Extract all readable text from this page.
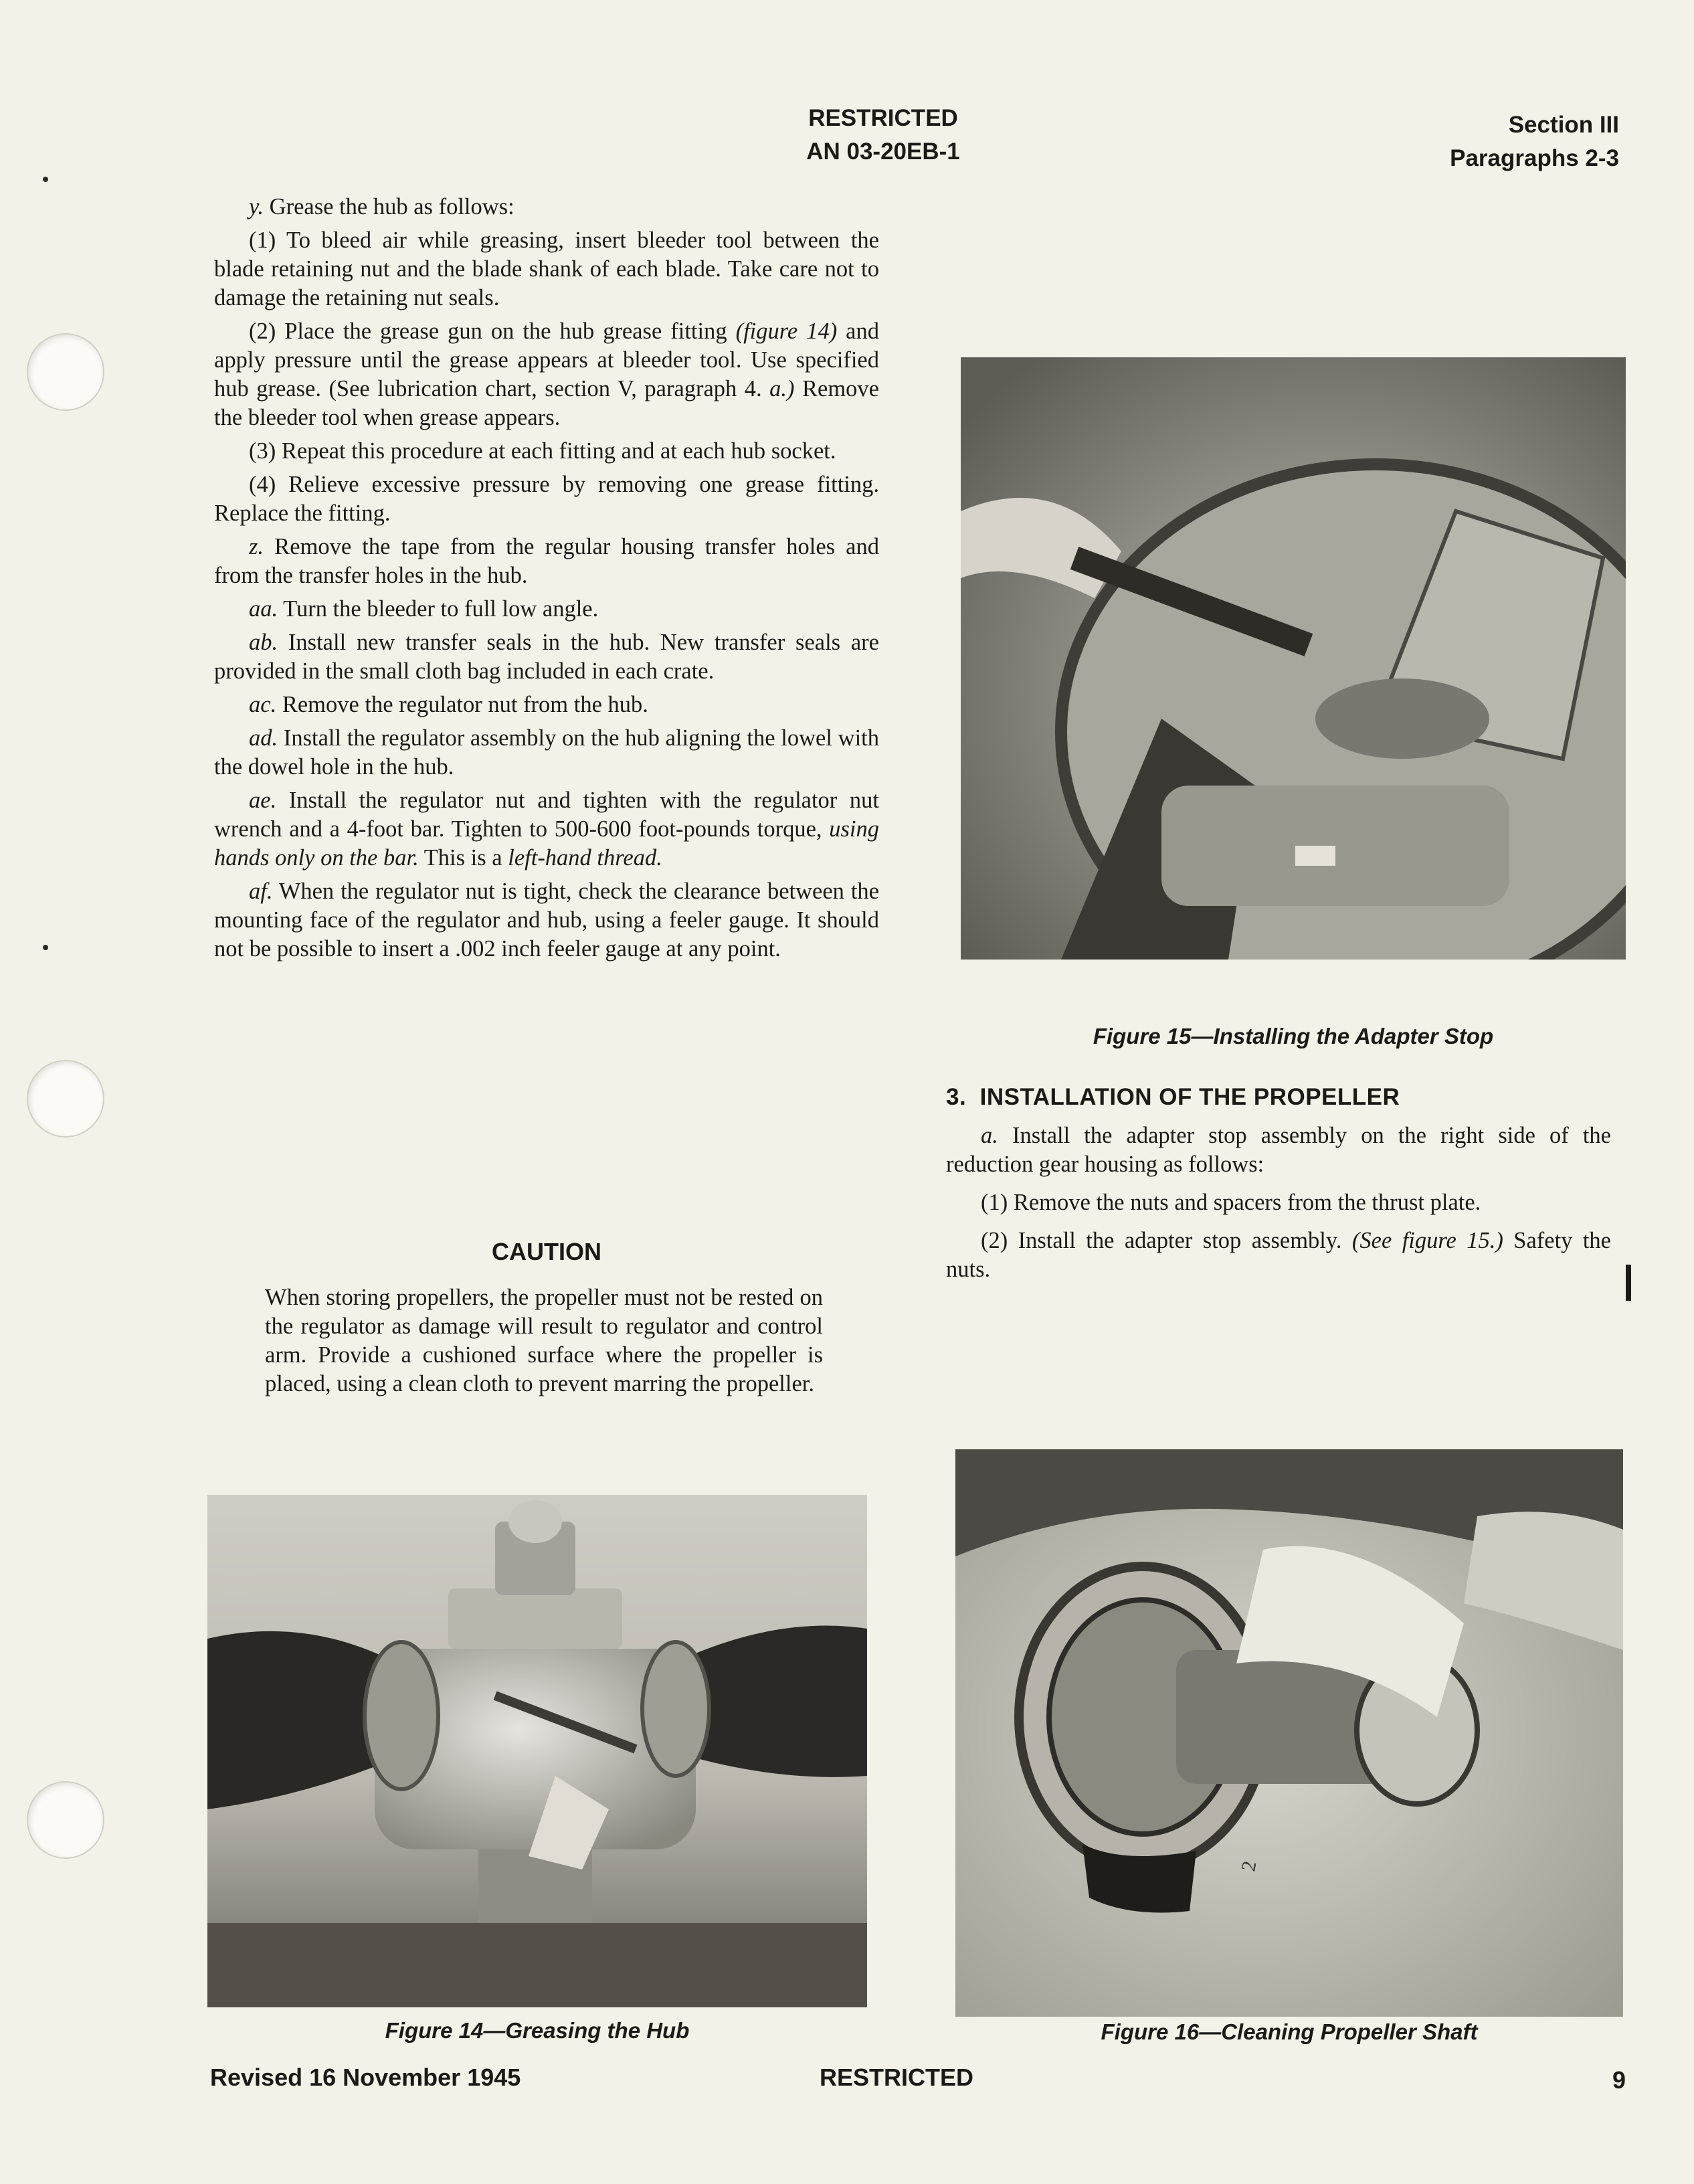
RESTRICTED
AN 03-20EB-1
Section III
Paragraphs 2-3

y. Grease the hub as follows:

(1) To bleed air while greasing, insert bleeder tool between the blade retaining nut and the blade shank of each blade. Take care not to damage the retaining nut seals.

(2) Place the grease gun on the hub grease fitting (figure 14) and apply pressure until the grease appears at bleeder tool. Use specified hub grease. (See lubrication chart, section V, paragraph 4. a.) Remove the bleeder tool when grease appears.

(3) Repeat this procedure at each fitting and at each hub socket.

(4) Relieve excessive pressure by removing one grease fitting. Replace the fitting.

z. Remove the tape from the regular housing transfer holes and from the transfer holes in the hub.

aa. Turn the bleeder to full low angle.

ab. Install new transfer seals in the hub. New transfer seals are provided in the small cloth bag included in each crate.

ac. Remove the regulator nut from the hub.

ad. Install the regulator assembly on the hub aligning the lowel with the dowel hole in the hub.

ae. Install the regulator nut and tighten with the regulator nut wrench and a 4-foot bar. Tighten to 500-600 foot-pounds torque, using hands only on the bar. This is a left-hand thread.

af. When the regulator nut is tight, check the clearance between the mounting face of the regulator and hub, using a feeler gauge. It should not be possible to insert a .002 inch feeler gauge at any point.

CAUTION
When storing propellers, the propeller must not be rested on the regulator as damage will result to regulator and control arm. Provide a cushioned surface where the propeller is placed, using a clean cloth to prevent marring the propeller.
Figure 14—Greasing the Hub
Figure 15—Installing the Adapter Stop
3.  INSTALLATION OF THE PROPELLER

a. Install the adapter stop assembly on the right side of the reduction gear housing as follows:

(1) Remove the nuts and spacers from the thrust plate.

(2) Install the adapter stop assembly. (See figure 15.) Safety the nuts.

2
Figure 16—Cleaning Propeller Shaft
Revised 16 November 1945	RESTRICTED	9
